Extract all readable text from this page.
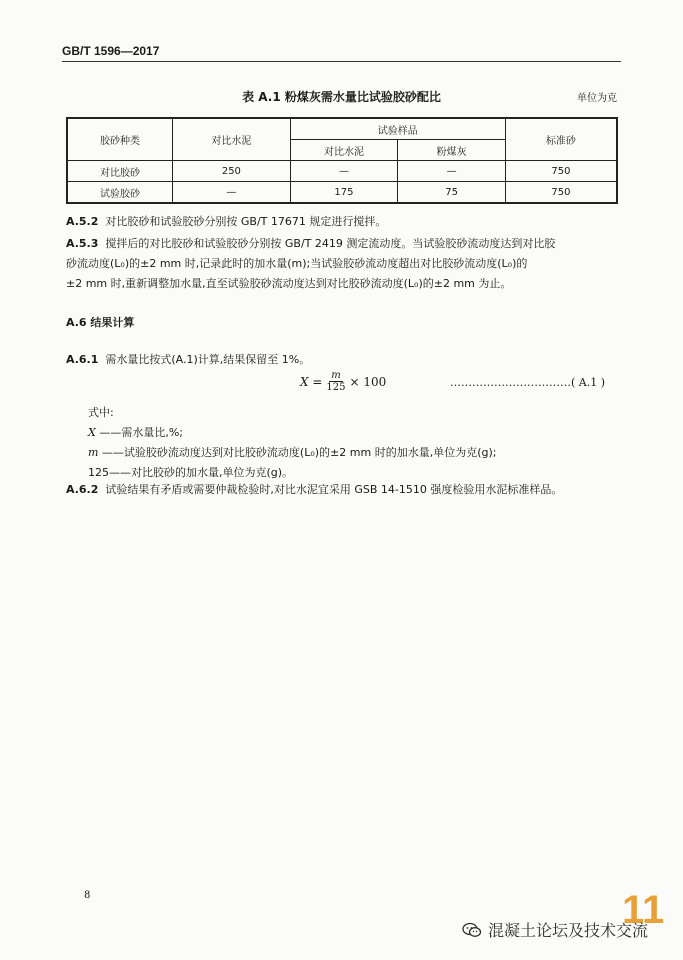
GB/T 1596—2017
表 A.1 粉煤灰需水量比试验胶砂配比	单位为克
胶砂种类	对比水泥	试验样品		标准砂
		对比水泥	粉煤灰	
对比胶砂	250	—	—	750
试验胶砂	—	175	75	750
A.5.2 对比胶砂和试验胶砂分别按 GB/T 17671 规定进行搅拌。
A.5.3 搅拌后的对比胶砂和试验胶砂分别按 GB/T 2419 测定流动度。当试验胶砂流动度达到对比胶
砂流动度(L₀)的±2 mm 时,记录此时的加水量(m);当试验胶砂流动度超出对比胶砂流动度(L₀)的
±2 mm 时,重新调整加水量,直至试验胶砂流动度达到对比胶砂流动度(L₀)的±2 mm 为止。
A.6 结果计算
A.6.1 需水量比按式(A.1)计算,结果保留至 1%。
$X = \frac{m}{125} \times 100$	……………………………( A.1 )
式中:
X ——需水量比,%;
m ——试验胶砂流动度达到对比胶砂流动度(L₀)的±2 mm 时的加水量,单位为克(g);
125——对比胶砂的加水量,单位为克(g)。
A.6.2 试验结果有矛盾或需要仲裁检验时,对比水泥宜采用 GSB 14-1510 强度检验用水泥标准样品。
8	11
混凝土论坛及技术交流
